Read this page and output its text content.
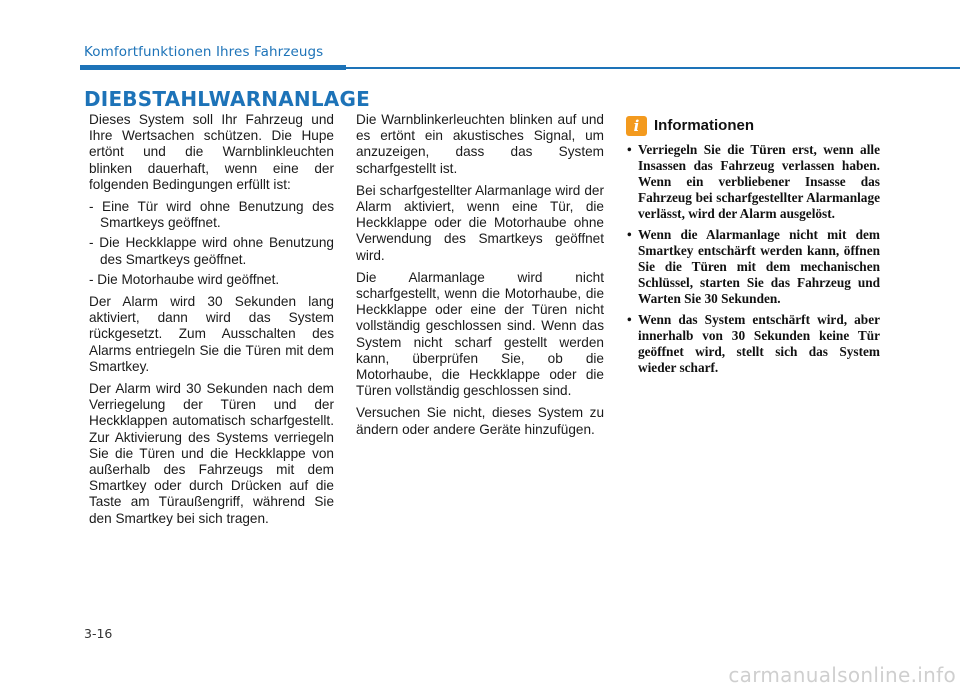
Komfortfunktionen Ihres Fahrzeugs
DIEBSTAHLWARNANLAGE

Dieses System soll Ihr Fahrzeug und Ihre Wertsachen schützen. Die Hupe ertönt und die Warnblinkleuchten blinken dauerhaft, wenn eine der folgenden Bedingungen erfüllt ist:

- Eine Tür wird ohne Benutzung des Smartkeys geöffnet.
- Die Heckklappe wird ohne Benutzung des Smartkeys geöffnet.
- Die Motorhaube wird geöffnet.

Der Alarm wird 30 Sekunden lang aktiviert, dann wird das System rückgesetzt. Zum Ausschalten des Alarms entriegeln Sie die Türen mit dem Smartkey.

Der Alarm wird 30 Sekunden nach dem Verriegelung der Türen und der Heckklappen automatisch scharfgestellt. Zur Aktivierung des Systems verriegeln Sie die Türen und die Heckklappe von außerhalb des Fahrzeugs mit dem Smartkey oder durch Drücken auf die Taste am Türaußengriff, während Sie den Smartkey bei sich tragen.

Die Warnblinkerleuchten blinken auf und es ertönt ein akustisches Signal, um anzuzeigen, dass das System scharfgestellt ist.

Bei scharfgestellter Alarmanlage wird der Alarm aktiviert, wenn eine Tür, die Heckklappe oder die Motorhaube ohne Verwendung des Smartkeys geöffnet wird.

Die Alarmanlage wird nicht scharfgestellt, wenn die Motorhaube, die Heckklappe oder eine der Türen nicht vollständig geschlossen sind. Wenn das System nicht scharf gestellt werden kann, überprüfen Sie, ob die Motorhaube, die Heckklappe oder die Türen vollständig geschlossen sind.

Versuchen Sie nicht, dieses System zu ändern oder andere Geräte hinzufügen.

i Informationen
• Verriegeln Sie die Türen erst, wenn alle Insassen das Fahrzeug verlassen haben. Wenn ein verbliebener Insasse das Fahrzeug bei scharfgestellter Alarmanlage verlässt, wird der Alarm ausgelöst.
• Wenn die Alarmanlage nicht mit dem Smartkey entschärft werden kann, öffnen Sie die Türen mit dem mechanischen Schlüssel, starten Sie das Fahrzeug und Warten Sie 30 Sekunden.
• Wenn das System entschärft wird, aber innerhalb von 30 Sekunden keine Tür geöffnet wird, stellt sich das System wieder scharf.
3-16
carmanualsonline.info
